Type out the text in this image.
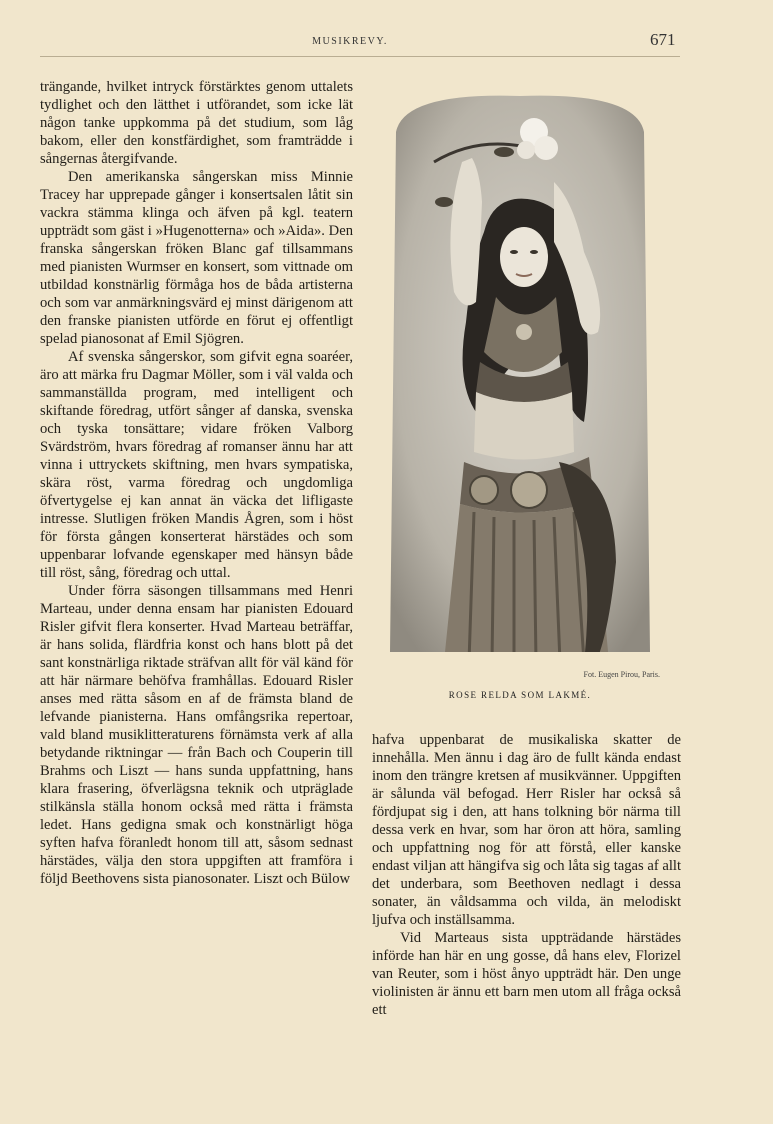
MUSIKREVY.	671

trängande, hvilket intryck förstärktes genom uttalets tydlighet och den lätthet i utförandet, som icke lät någon tanke uppkomma på det studium, som låg bakom, eller den konstfärdighet, som framträdde i sångernas återgifvande.

Den amerikanska sångerskan miss Minnie Tracey har upprepade gånger i konsertsalen låtit sin vackra stämma klinga och äfven på kgl. teatern uppträdt som gäst i »Hugenotterna» och »Aida». Den franska sångerskan fröken Blanc gaf tillsammans med pianisten Wurmser en konsert, som vittnade om utbildad konstnärlig förmåga hos de båda artisterna och som var anmärkningsvärd ej minst därigenom att den franske pianisten utförde en förut ej offentligt spelad pianosonat af Emil Sjögren.

Af svenska sångerskor, som gifvit egna soaréer, äro att märka fru Dagmar Möller, som i väl valda och sammanställda program, med intelligent och skiftande föredrag, utfört sånger af danska, svenska och tyska tonsättare; vidare fröken Valborg Svärdström, hvars föredrag af romanser ännu har att vinna i uttryckets skiftning, men hvars sympatiska, skära röst, varma föredrag och ungdomliga öfvertygelse ej kan annat än väcka det lifligaste intresse. Slutligen fröken Mandis Ågren, som i höst för första gången konserterat härstädes och som uppenbarar lofvande egenskaper med hänsyn både till röst, sång, föredrag och uttal.

Under förra säsongen tillsammans med Henri Marteau, under denna ensam har pianisten Edouard Risler gifvit flera konserter. Hvad Marteau beträffar, är hans solida, flärdfria konst och hans blott på det sant konstnärliga riktade sträfvan allt för väl känd för att här närmare behöfva framhållas. Edouard Risler anses med rätta såsom en af de främsta bland de lefvande pianisterna. Hans omfångsrika repertoar, vald bland musiklitteraturens förnämsta verk af alla betydande riktningar — från Bach och Couperin till Brahms och Liszt — hans sunda uppfattning, hans klara frasering, öfverlägsna teknik och utpräglade stilkänsla ställa honom också med rätta i främsta ledet. Hans gedigna smak och konstnärligt höga syften hafva föranledt honom till att, såsom sednast härstädes, välja den stora uppgiften att framföra i följd Beethovens sista pianosonater. Liszt och Bülow

Fot. Eugen Pirou, Paris.
ROSE RELDA SOM LAKMÉ.

hafva uppenbarat de musikaliska skatter de innehålla. Men ännu i dag äro de fullt kända endast inom den trängre kretsen af musikvänner. Uppgiften är sålunda väl befogad. Herr Risler har också så fördjupat sig i den, att hans tolkning bör närma till dessa verk en hvar, som har öron att höra, samling och uppfattning nog för att förstå, eller kanske endast viljan att hängifva sig och låta sig tagas af allt det underbara, som Beethoven nedlagt i dessa sonater, än våldsamma och vilda, än melodiskt ljufva och inställsamma.

Vid Marteaus sista uppträdande härstädes införde han här en ung gosse, då hans elev, Florizel van Reuter, som i höst ånyo uppträdt här. Den unge violinisten är ännu ett barn men utom all fråga också ett
